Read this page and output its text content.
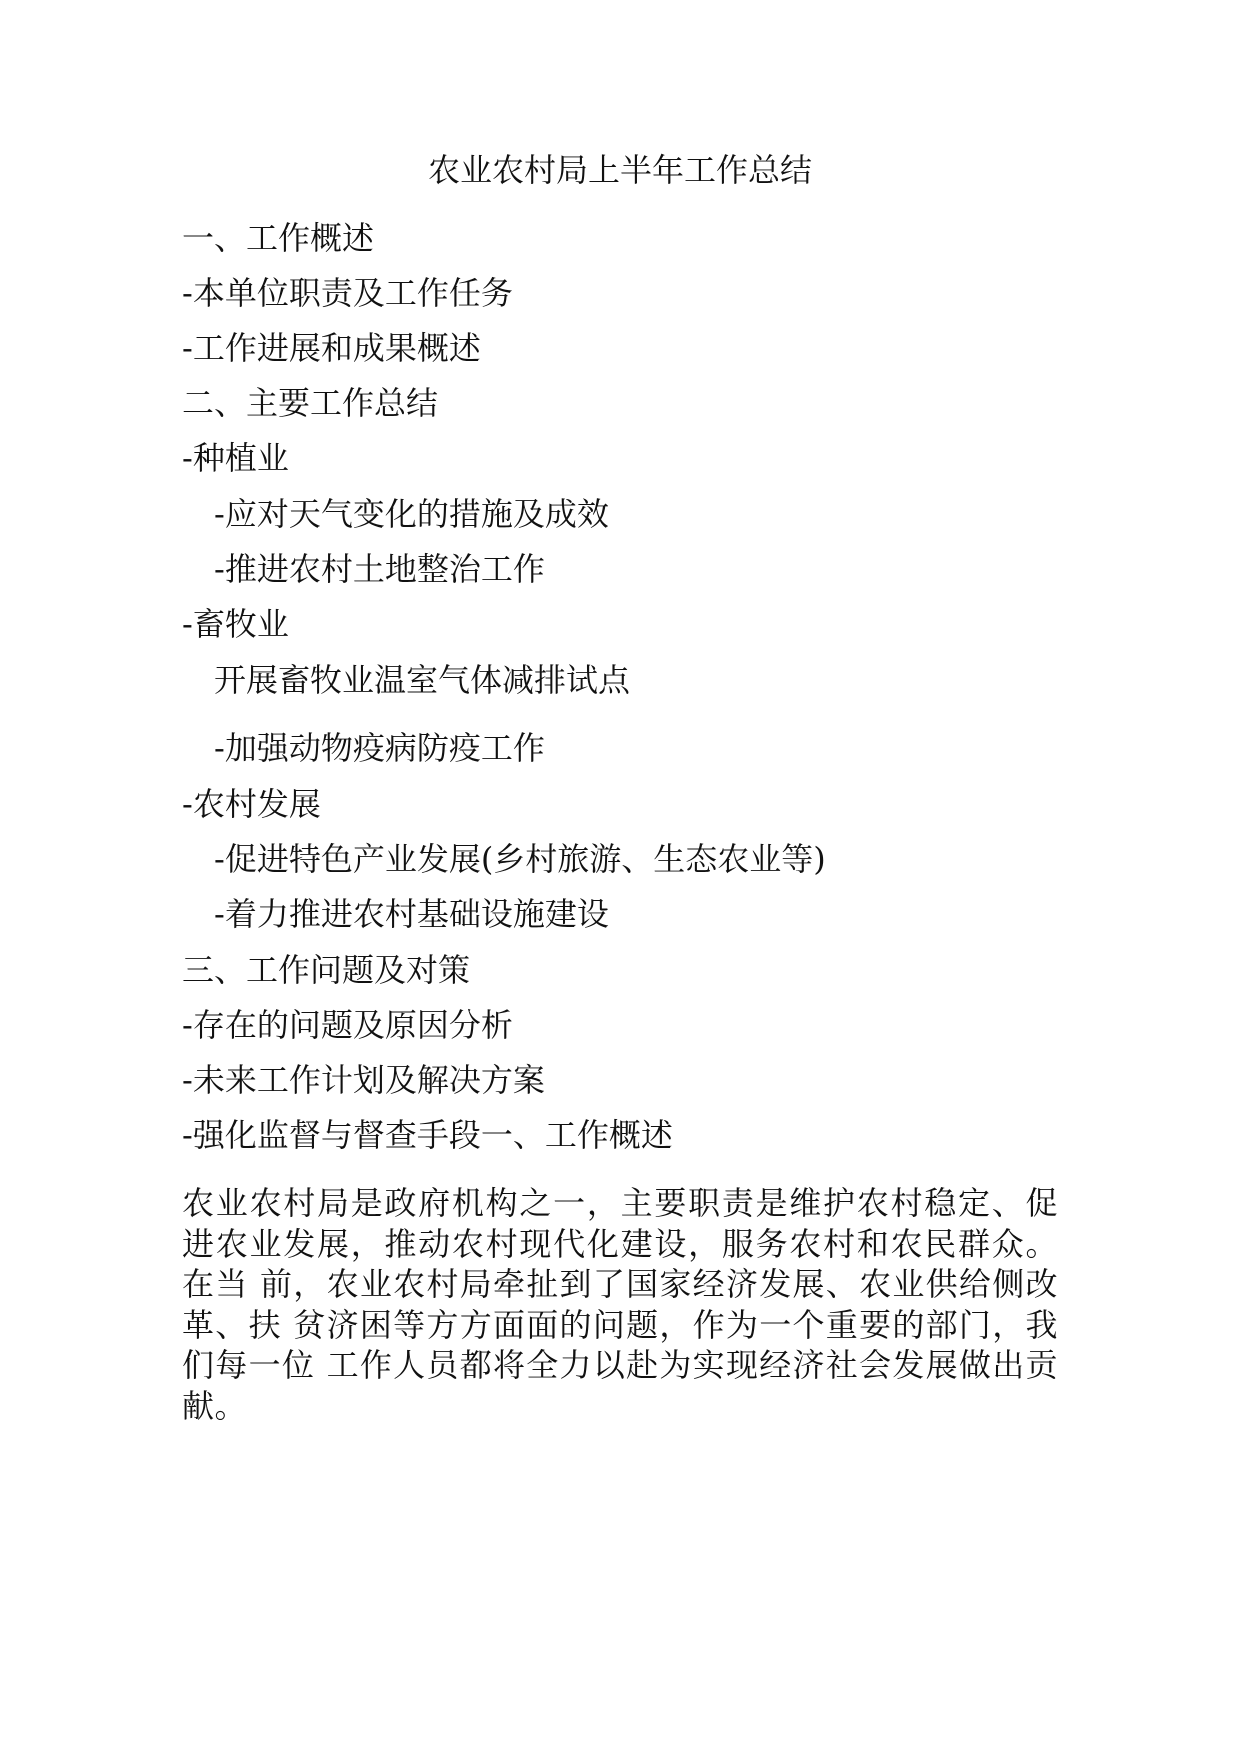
农业农村局上半年工作总结
一、工作概述
-本单位职责及工作任务
-工作进展和成果概述
二、主要工作总结
-种植业
-应对天气变化的措施及成效
-推进农村土地整治工作
-畜牧业
开展畜牧业温室气体减排试点
-加强动物疫病防疫工作
-农村发展
-促进特色产业发展(乡村旅游、生态农业等)
-着力推进农村基础设施建设
三、工作问题及对策
-存在的问题及原因分析
-未来工作计划及解决方案
-强化监督与督查手段一、工作概述
农业农村局是政府机构之一，主要职责是维护农村稳定、促进农业发展，推动农村现代化建设，服务农村和农民群众。在当 前，农业农村局牵扯到了国家经济发展、农业供给侧改革、扶 贫济困等方方面面的问题，作为一个重要的部门，我们每一位 工作人员都将全力以赴为实现经济社会发展做出贡献。
